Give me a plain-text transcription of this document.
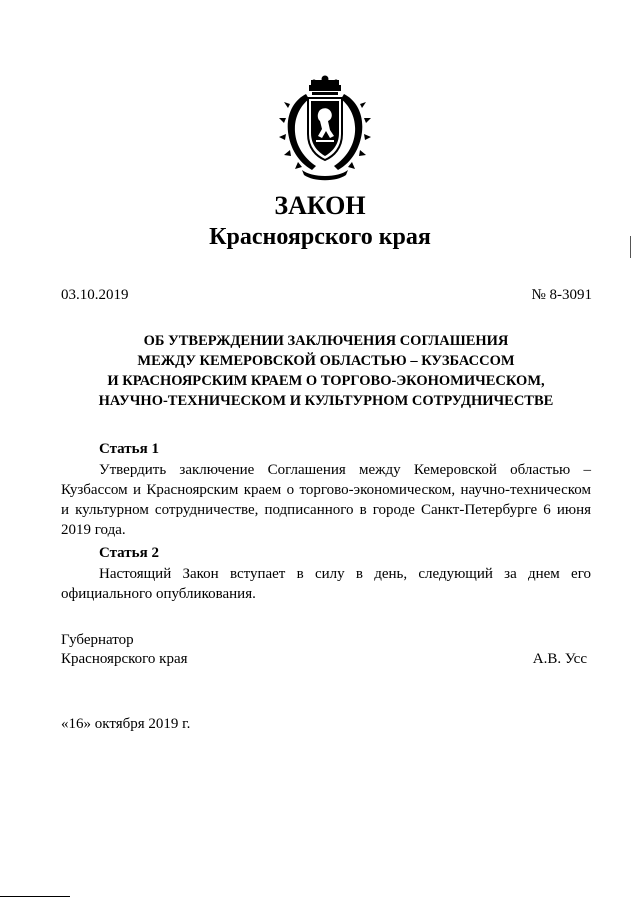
ЗАКОН
Красноярского края
03.10.2019	№ 8-3091
ОБ УТВЕРЖДЕНИИ ЗАКЛЮЧЕНИЯ СОГЛАШЕНИЯ
МЕЖДУ КЕМЕРОВСКОЙ ОБЛАСТЬЮ – КУЗБАССОМ
И КРАСНОЯРСКИМ КРАЕМ О ТОРГОВО-ЭКОНОМИЧЕСКОМ,
НАУЧНО-ТЕХНИЧЕСКОМ И КУЛЬТУРНОМ СОТРУДНИЧЕСТВЕ
Статья 1
Утвердить заключение Соглашения между Кемеровской областью –
Кузбассом и Красноярским краем о торгово-экономическом, научно-техническом
и культурном сотрудничестве, подписанного в городе Санкт-Петербурге 6 июня
2019 года.
Статья 2
Настоящий Закон вступает в силу в день, следующий за днем его
официального опубликования.
Губернатор
Красноярского края	А.В. Усс
«16» октября 2019 г.
